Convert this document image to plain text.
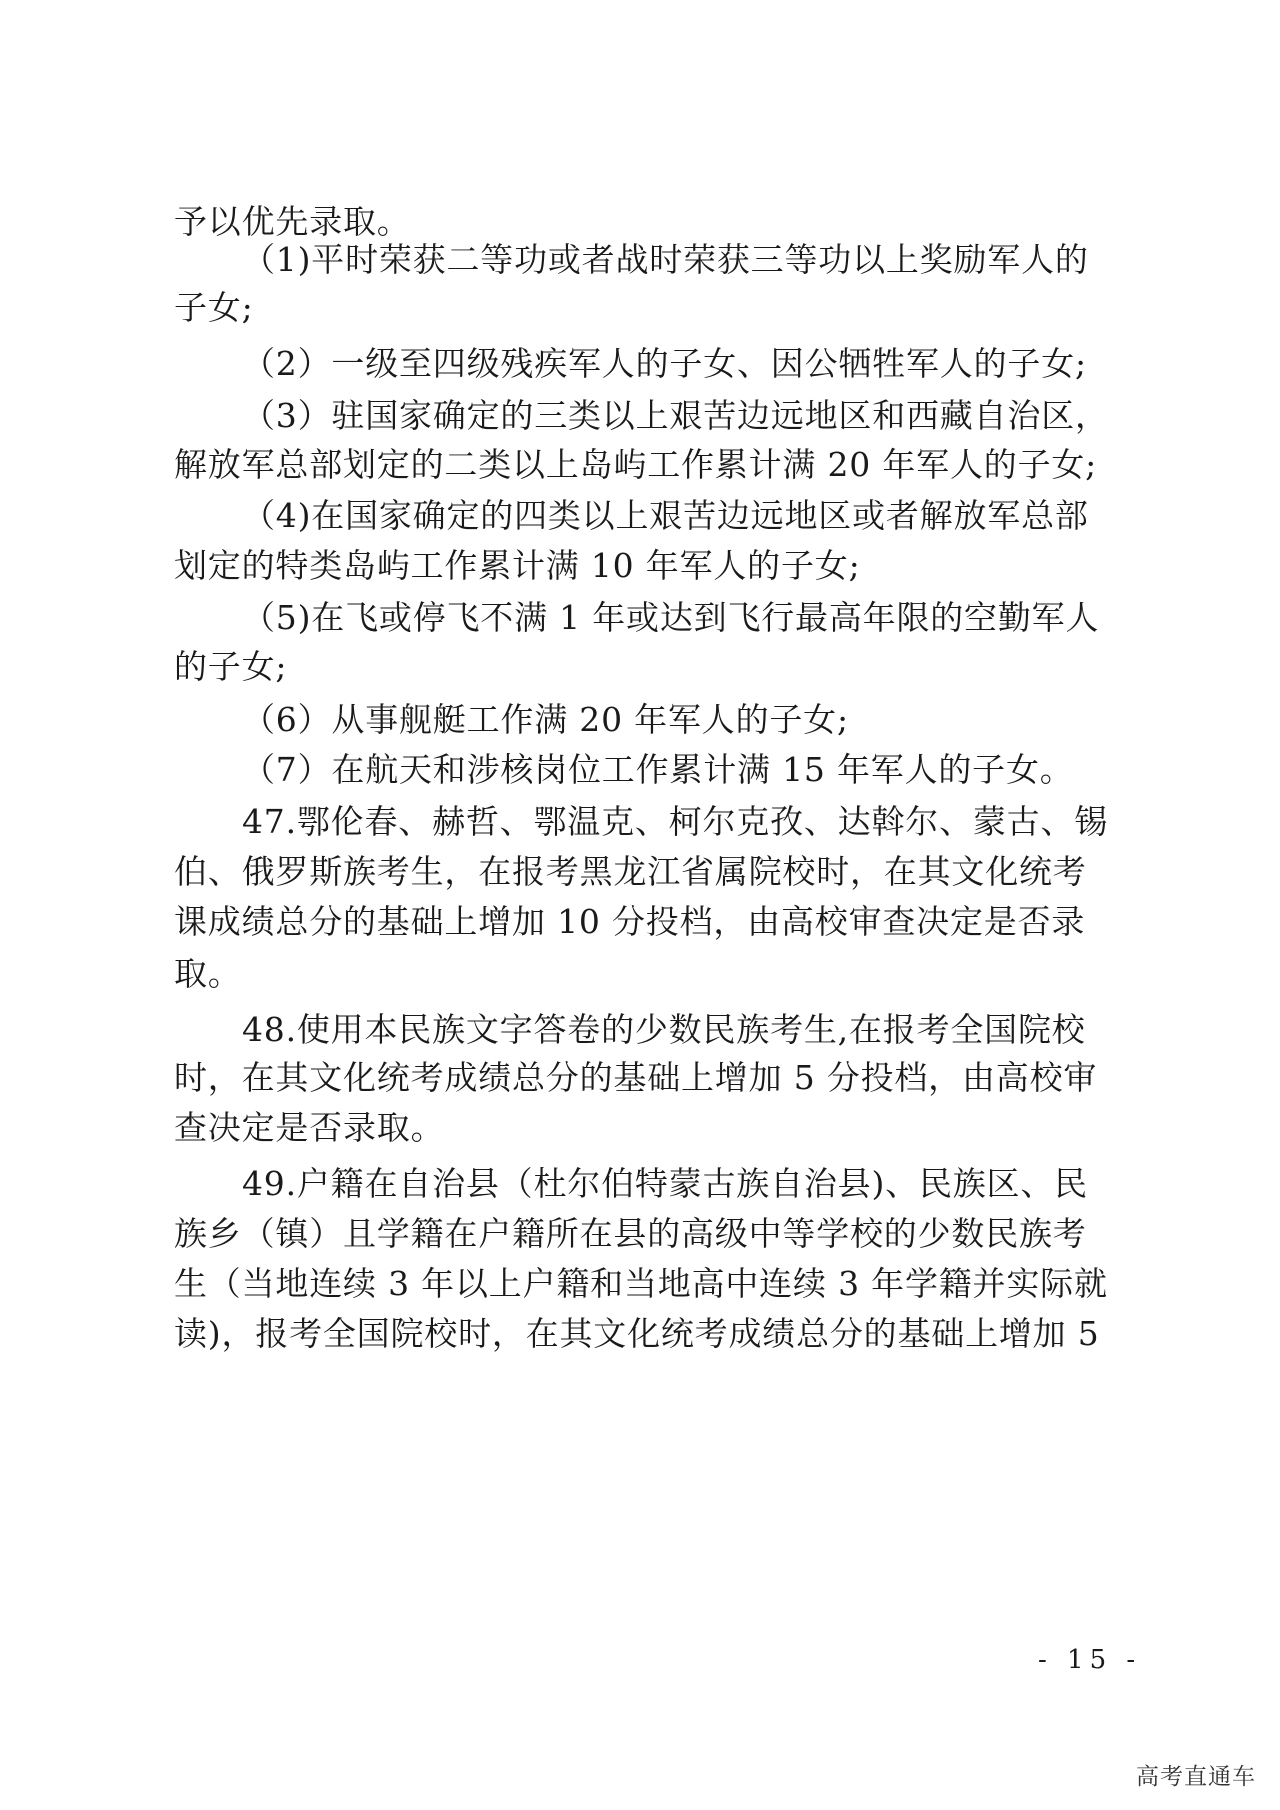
予以优先录取。
（1)平时荣获二等功或者战时荣获三等功以上奖励军人的
子女;
（2）一级至四级残疾军人的子女、因公牺牲军人的子女;
（3）驻国家确定的三类以上艰苦边远地区和西藏自治区，
解放军总部划定的二类以上岛屿工作累计满 20 年军人的子女;
（4)在国家确定的四类以上艰苦边远地区或者解放军总部
划定的特类岛屿工作累计满 10 年军人的子女;
（5)在飞或停飞不满 1 年或达到飞行最高年限的空勤军人
的子女;
（6）从事舰艇工作满 20 年军人的子女;
（7）在航天和涉核岗位工作累计满 15 年军人的子女。
47.鄂伦春、赫哲、鄂温克、柯尔克孜、达斡尔、蒙古、锡
伯、俄罗斯族考生，在报考黑龙江省属院校时，在其文化统考
课成绩总分的基础上增加 10 分投档，由高校审查决定是否录
取。
48.使用本民族文字答卷的少数民族考生,在报考全国院校
时，在其文化统考成绩总分的基础上增加 5 分投档，由高校审
查决定是否录取。
49.户籍在自治县（杜尔伯特蒙古族自治县)、民族区、民
族乡（镇）且学籍在户籍所在县的高级中等学校的少数民族考
生（当地连续 3 年以上户籍和当地高中连续 3 年学籍并实际就
读)，报考全国院校时，在其文化统考成绩总分的基础上增加 5
- 15 -
高考直通车
